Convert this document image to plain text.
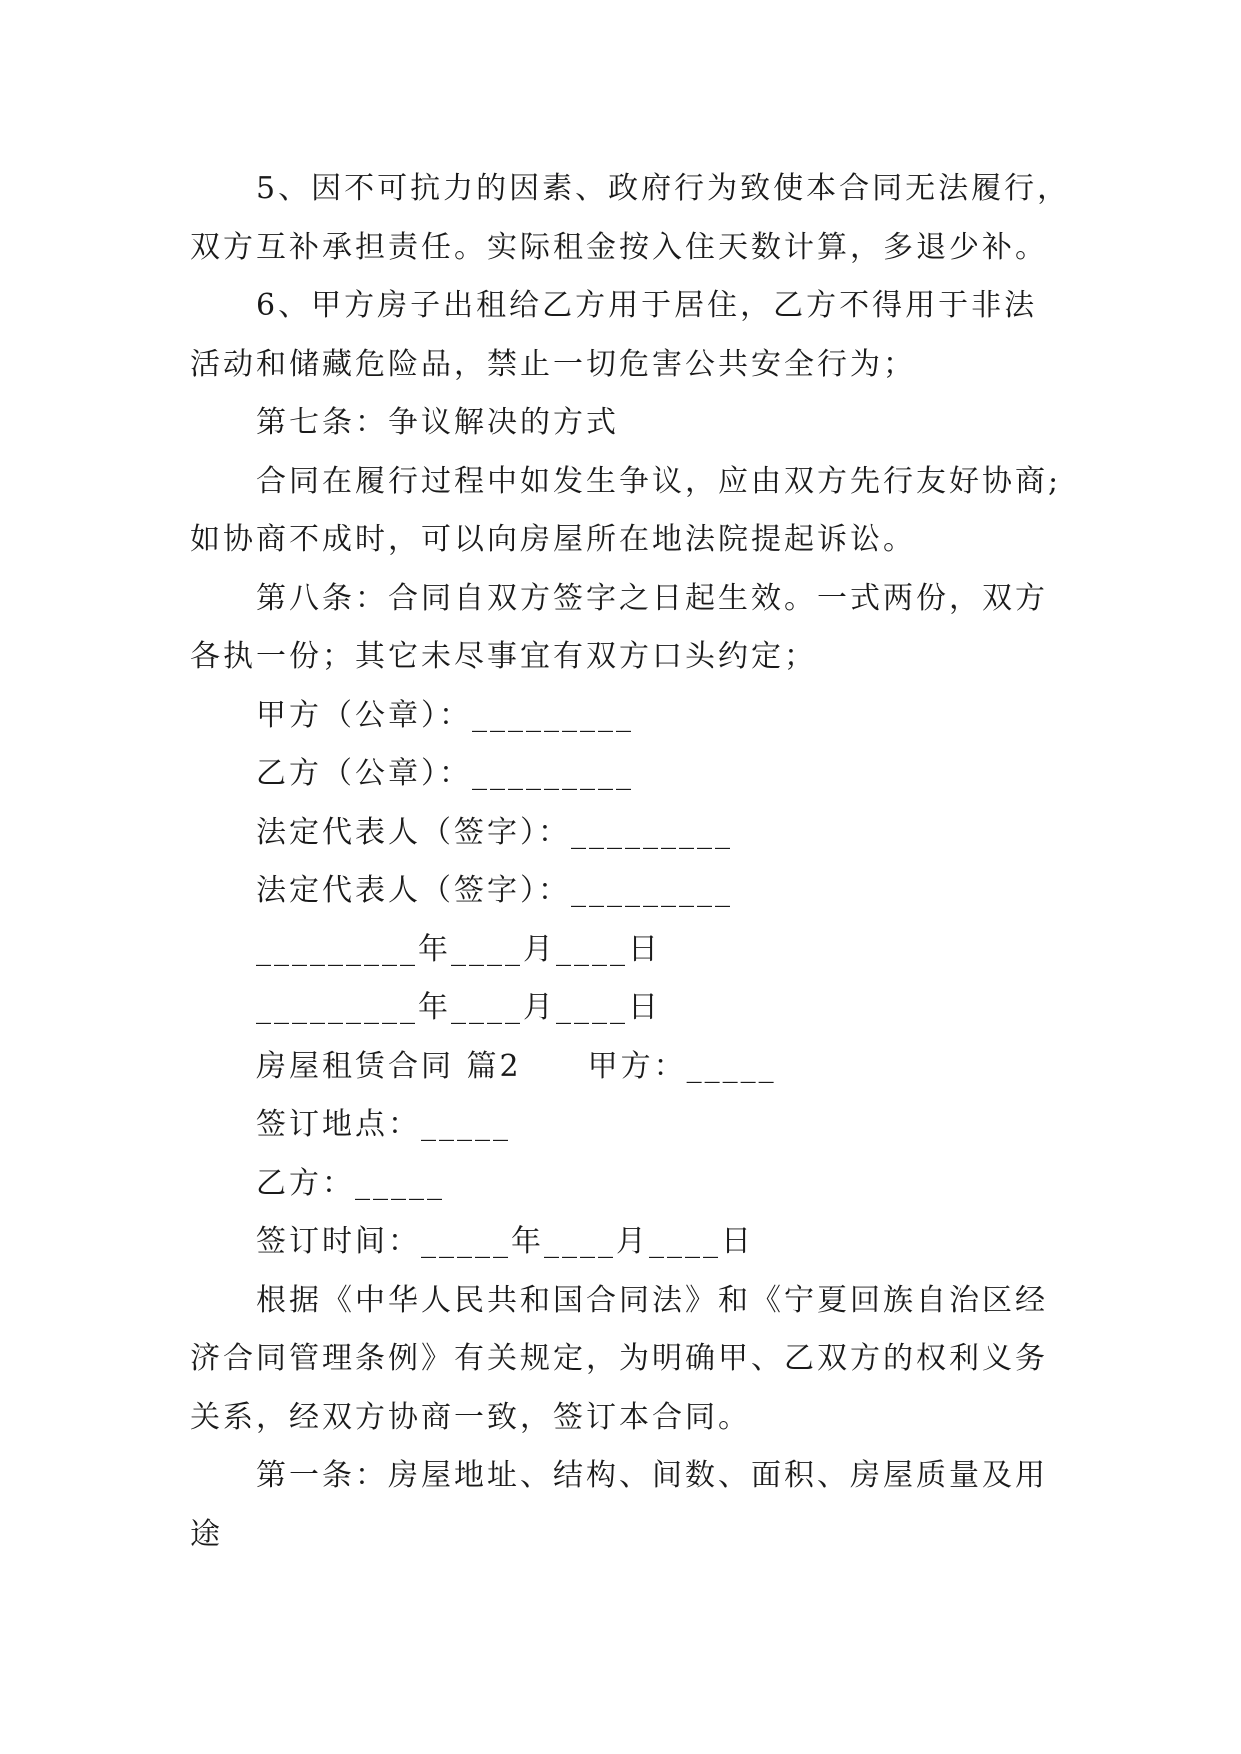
5、因不可抗力的因素、政府行为致使本合同无法履行，
双方互补承担责任。实际租金按入住天数计算，多退少补。
6、甲方房子出租给乙方用于居住，乙方不得用于非法
活动和储藏危险品，禁止一切危害公共安全行为；
第七条：争议解决的方式
合同在履行过程中如发生争议，应由双方先行友好协商;
如协商不成时，可以向房屋所在地法院提起诉讼。
第八条：合同自双方签字之日起生效。一式两份，双方
各执一份；其它未尽事宜有双方口头约定；
甲方（公章）：_________
乙方（公章）：_________
法定代表人（签字）：_________
法定代表人（签字）：_________
_________年____月____日
_________年____月____日
房屋租赁合同 篇2　　甲方：_____
签订地点：_____
乙方：_____
签订时间：_____年____月____日
根据《中华人民共和国合同法》和《宁夏回族自治区经
济合同管理条例》有关规定，为明确甲、乙双方的权利义务
关系，经双方协商一致，签订本合同。
第一条：房屋地址、结构、间数、面积、房屋质量及用
途
